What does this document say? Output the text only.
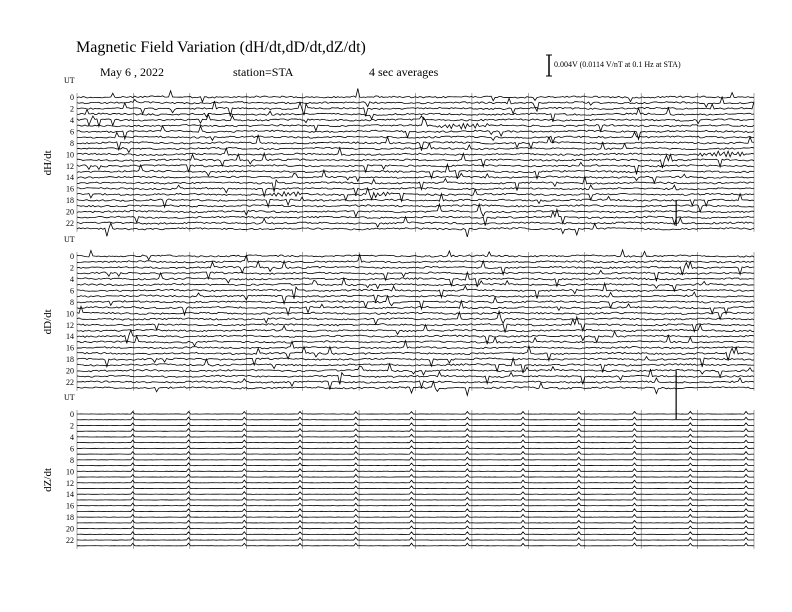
Magnetic Field Variation (dH/dt,dD/dt,dZ/dt)
May 6 , 2022	station=STA	4 sec averages
0.004V (0.0114 V/nT at 0.1 Hz at STA)
UT
dH/dt
0
2
4
6
8
10
12
14
16
18
20
22
UT
dD/dt
0
2
4
6
8
10
12
14
16
18
20
22
UT
dZ/dt
0
2
4
6
8
10
12
14
16
18
20
22
